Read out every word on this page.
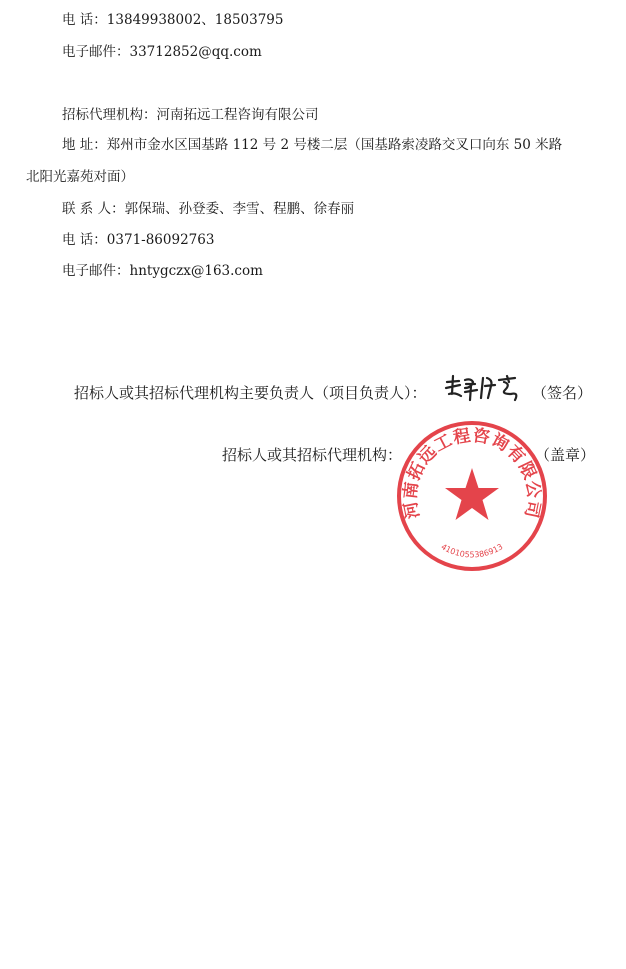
电 话：13849938002、18503795
电子邮件：33712852@qq.com
招标代理机构：河南拓远工程咨询有限公司
地 址：郑州市金水区国基路 112 号 2 号楼二层（国基路索凌路交叉口向东 50 米路
北阳光嘉苑对面）
联 系 人：郭保瑞、孙登委、李雪、程鹏、徐春丽
电 话：0371-86092763
电子邮件：hntygczx@163.com
招标人或其招标代理机构主要负责人（项目负责人）：	（签名）
招标人或其招标代理机构：	（盖章）
河南拓远工程咨询有限公司
4101055386913
